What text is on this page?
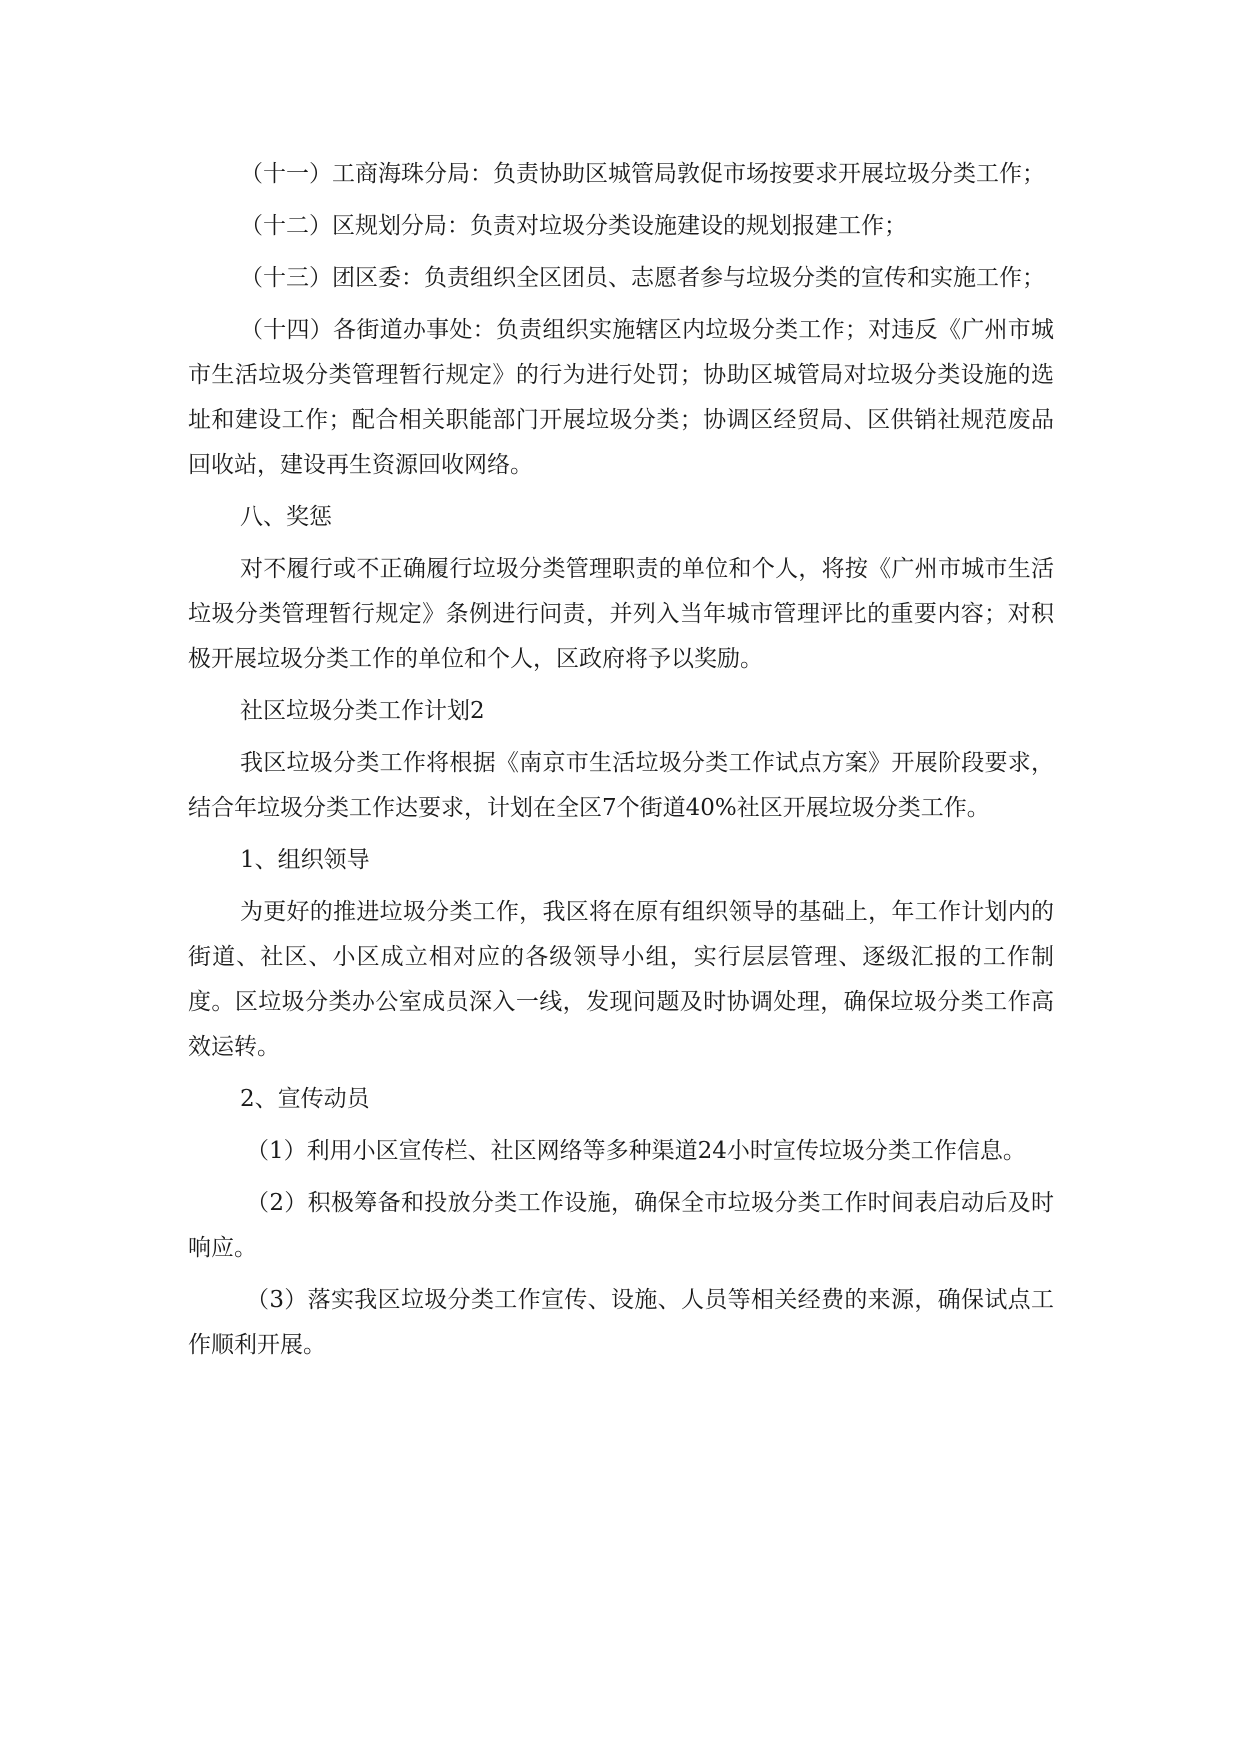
（十一）工商海珠分局：负责协助区城管局敦促市场按要求开展垃圾分类工作；

（十二）区规划分局：负责对垃圾分类设施建设的规划报建工作；

（十三）团区委：负责组织全区团员、志愿者参与垃圾分类的宣传和实施工作；

（十四）各街道办事处：负责组织实施辖区内垃圾分类工作；对违反《广州市城市生活垃圾分类管理暂行规定》的行为进行处罚；协助区城管局对垃圾分类设施的选址和建设工作；配合相关职能部门开展垃圾分类；协调区经贸局、区供销社规范废品回收站，建设再生资源回收网络。

八、奖惩

对不履行或不正确履行垃圾分类管理职责的单位和个人，将按《广州市城市生活垃圾分类管理暂行规定》条例进行问责，并列入当年城市管理评比的重要内容；对积极开展垃圾分类工作的单位和个人，区政府将予以奖励。

社区垃圾分类工作计划2

我区垃圾分类工作将根据《南京市生活垃圾分类工作试点方案》开展阶段要求，结合年垃圾分类工作达要求，计划在全区7个街道40%社区开展垃圾分类工作。

1、组织领导

为更好的推进垃圾分类工作，我区将在原有组织领导的基础上，年工作计划内的街道、社区、小区成立相对应的各级领导小组，实行层层管理、逐级汇报的工作制度。区垃圾分类办公室成员深入一线，发现问题及时协调处理，确保垃圾分类工作高效运转。

2、宣传动员

（1）利用小区宣传栏、社区网络等多种渠道24小时宣传垃圾分类工作信息。

（2）积极筹备和投放分类工作设施，确保全市垃圾分类工作时间表启动后及时响应。

（3）落实我区垃圾分类工作宣传、设施、人员等相关经费的来源，确保试点工作顺利开展。
